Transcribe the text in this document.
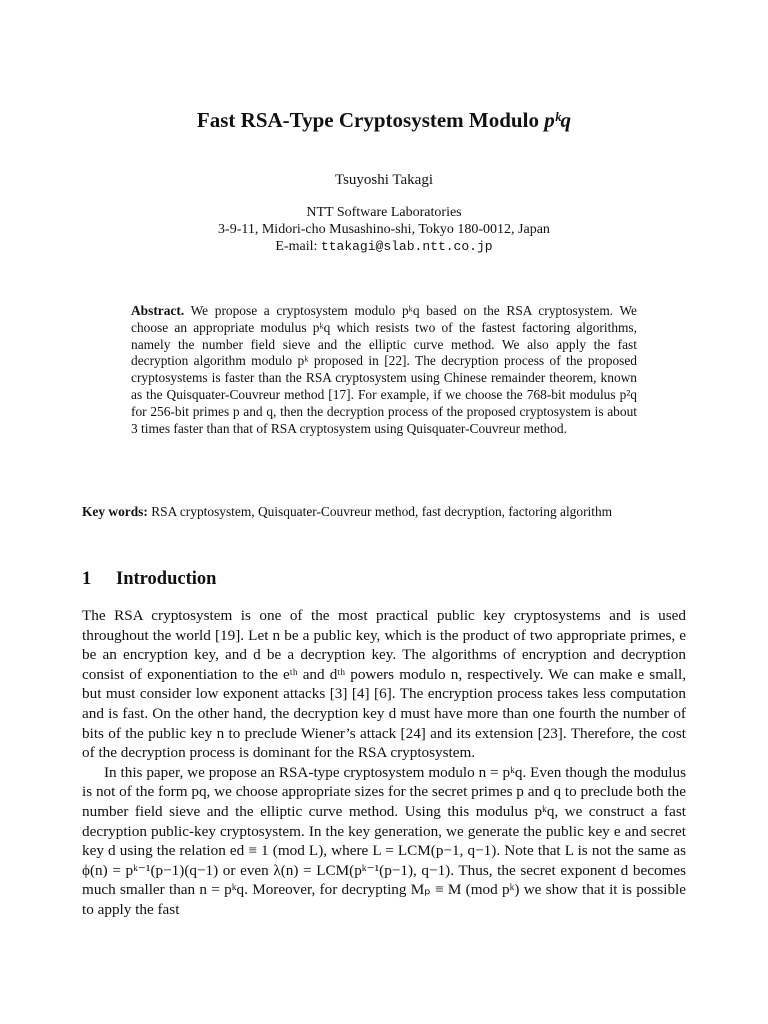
Fast RSA-Type Cryptosystem Modulo pᵏq
Tsuyoshi Takagi
NTT Software Laboratories
3-9-11, Midori-cho Musashino-shi, Tokyo 180-0012, Japan
E-mail: ttakagi@slab.ntt.co.jp
Abstract. We propose a cryptosystem modulo pᵏq based on the RSA cryptosystem. We choose an appropriate modulus pᵏq which resists two of the fastest factoring algorithms, namely the number field sieve and the elliptic curve method. We also apply the fast decryption algorithm modulo pᵏ proposed in [22]. The decryption process of the proposed cryptosystems is faster than the RSA cryptosystem using Chinese remainder theorem, known as the Quisquater-Couvreur method [17]. For example, if we choose the 768-bit modulus p²q for 256-bit primes p and q, then the decryption process of the proposed cryptosystem is about 3 times faster than that of RSA cryptosystem using Quisquater-Couvreur method.
Key words: RSA cryptosystem, Quisquater-Couvreur method, fast decryption, factoring algorithm
1 Introduction

The RSA cryptosystem is one of the most practical public key cryptosystems and is used throughout the world [19]. Let n be a public key, which is the product of two appropriate primes, e be an encryption key, and d be a decryption key. The algorithms of encryption and decryption consist of exponentiation to the eᵗʰ and dᵗʰ powers modulo n, respectively. We can make e small, but must consider low exponent attacks [3] [4] [6]. The encryption process takes less computation and is fast. On the other hand, the decryption key d must have more than one fourth the number of bits of the public key n to preclude Wiener’s attack [24] and its extension [23]. Therefore, the cost of the decryption process is dominant for the RSA cryptosystem.

In this paper, we propose an RSA-type cryptosystem modulo n = pᵏq. Even though the modulus is not of the form pq, we choose appropriate sizes for the secret primes p and q to preclude both the number field sieve and the elliptic curve method. Using this modulus pᵏq, we construct a fast decryption public-key cryptosystem. In the key generation, we generate the public key e and secret key d using the relation ed ≡ 1 (mod L), where L = LCM(p−1, q−1). Note that L is not the same as ϕ(n) = pᵏ⁻¹(p−1)(q−1) or even λ(n) = LCM(pᵏ⁻¹(p−1), q−1). Thus, the secret exponent d becomes much smaller than n = pᵏq. Moreover, for decrypting Mₚ ≡ M (mod pᵏ) we show that it is possible to apply the fast
